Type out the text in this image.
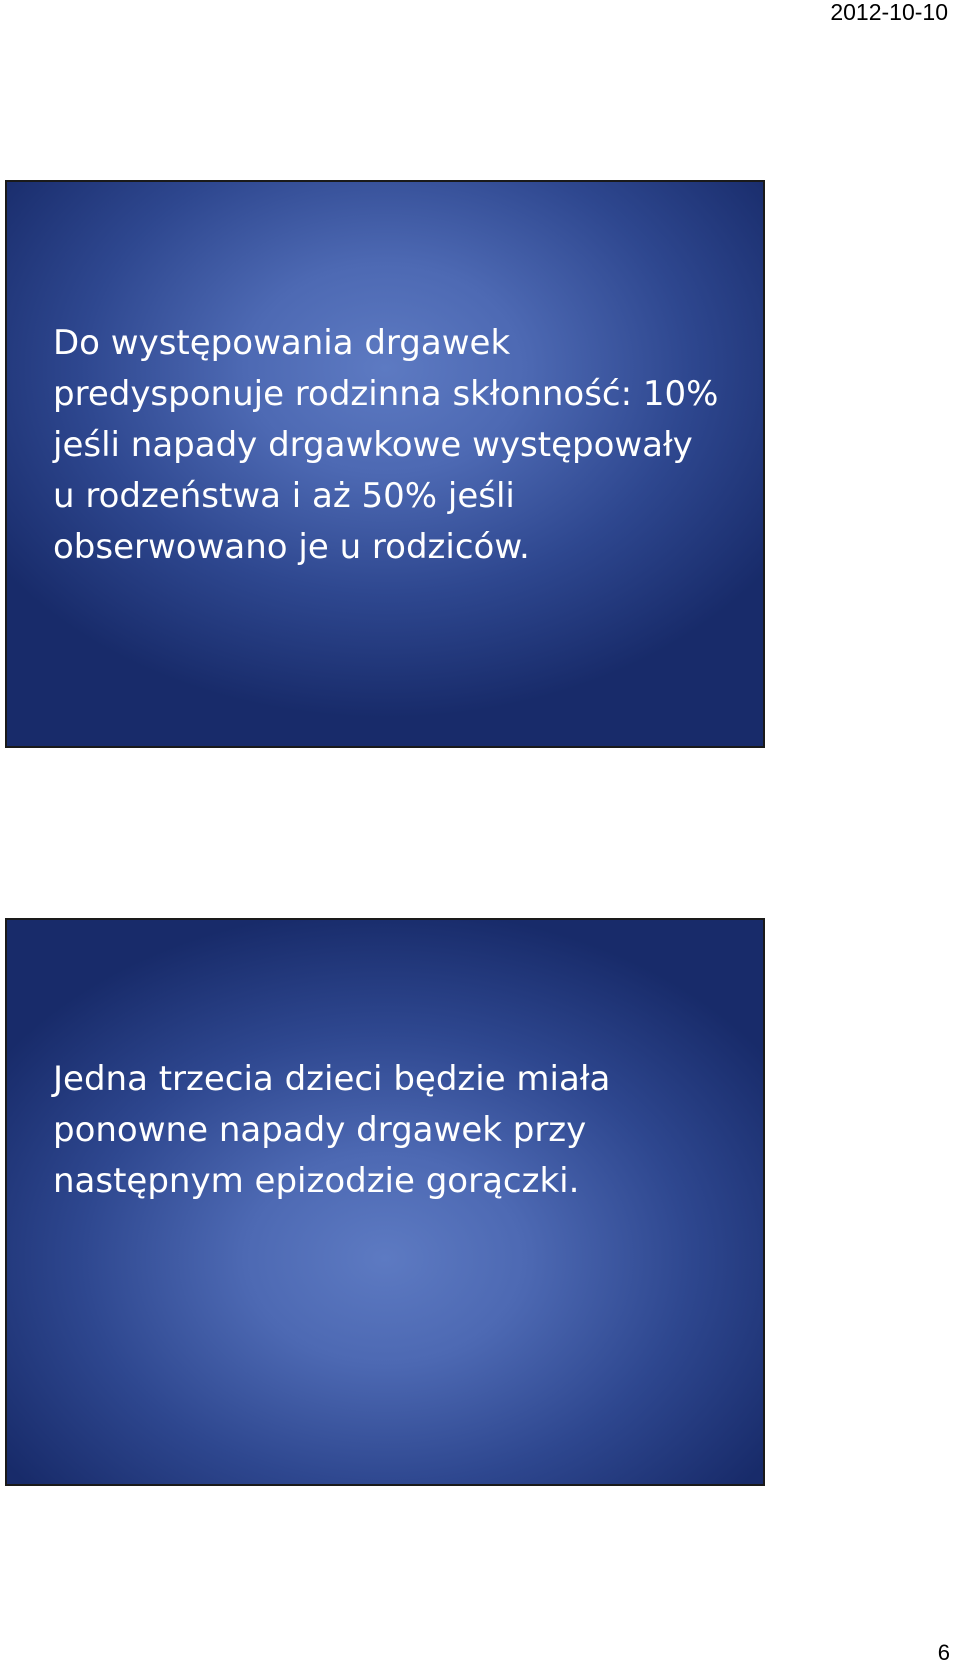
2012-10-10

Do występowania drgawek
predysponuje rodzinna skłonność: 10%
jeśli napady drgawkowe występowały
u rodzeństwa i aż 50% jeśli
obserwowano je u rodziców.

Jedna trzecia dzieci będzie miała
ponowne napady drgawek przy
następnym epizodzie gorączki.

6
